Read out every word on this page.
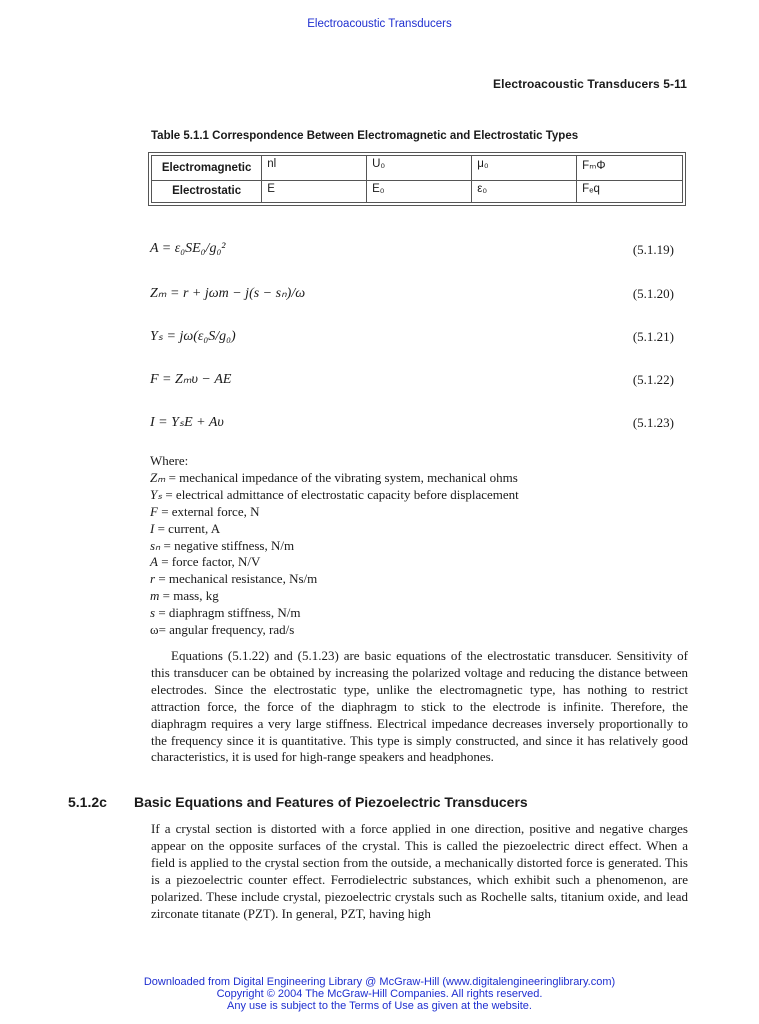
Electroacoustic Transducers
Electroacoustic Transducers 5-11
Table 5.1.1 Correspondence Between Electromagnetic and Electrostatic Types
Electromagnetic	nl	U₀	μ₀	FₘΦ
Electrostatic	E	E₀	ε₀	Fₑq
A = ε₀SE₀/g₀²	(5.1.19)
Zₘ = r + jωm − j(s − sₙ)/ω	(5.1.20)
Yₛ = jω(ε₀S/g₀)	(5.1.21)
F = Zₘυ − AE	(5.1.22)
I = YₛE + Aυ	(5.1.23)
Where:
Zₘ = mechanical impedance of the vibrating system, mechanical ohms
Yₛ = electrical admittance of electrostatic capacity before displacement
F = external force, N
I = current, A
sₙ = negative stiffness, N/m
A = force factor, N/V
r = mechanical resistance, Ns/m
m = mass, kg
s = diaphragm stiffness, N/m
ω= angular frequency, rad/s

Equations (5.1.22) and (5.1.23) are basic equations of the electrostatic transducer. Sensitivity of this transducer can be obtained by increasing the polarized voltage and reducing the distance between electrodes. Since the electrostatic type, unlike the electromagnetic type, has nothing to restrict attraction force, the force of the diaphragm to stick to the electrode is infinite. Therefore, the diaphragm requires a very large stiffness. Electrical impedance decreases inversely proportionally to the frequency since it is quantitative. This type is simply constructed, and since it has relatively good characteristics, it is used for high-range speakers and headphones.

5.1.2c Basic Equations and Features of Piezoelectric Transducers

If a crystal section is distorted with a force applied in one direction, positive and negative charges appear on the opposite surfaces of the crystal. This is called the piezoelectric direct effect. When a field is applied to the crystal section from the outside, a mechanically distorted force is generated. This is a piezoelectric counter effect. Ferrodielectric substances, which exhibit such a phenomenon, are polarized. These include crystal, piezoelectric crystals such as Rochelle salts, titanium oxide, and lead zirconate titanate (PZT). In general, PZT, having high

Downloaded from Digital Engineering Library @ McGraw-Hill (www.digitalengineeringlibrary.com)
Copyright © 2004 The McGraw-Hill Companies. All rights reserved.
Any use is subject to the Terms of Use as given at the website.
